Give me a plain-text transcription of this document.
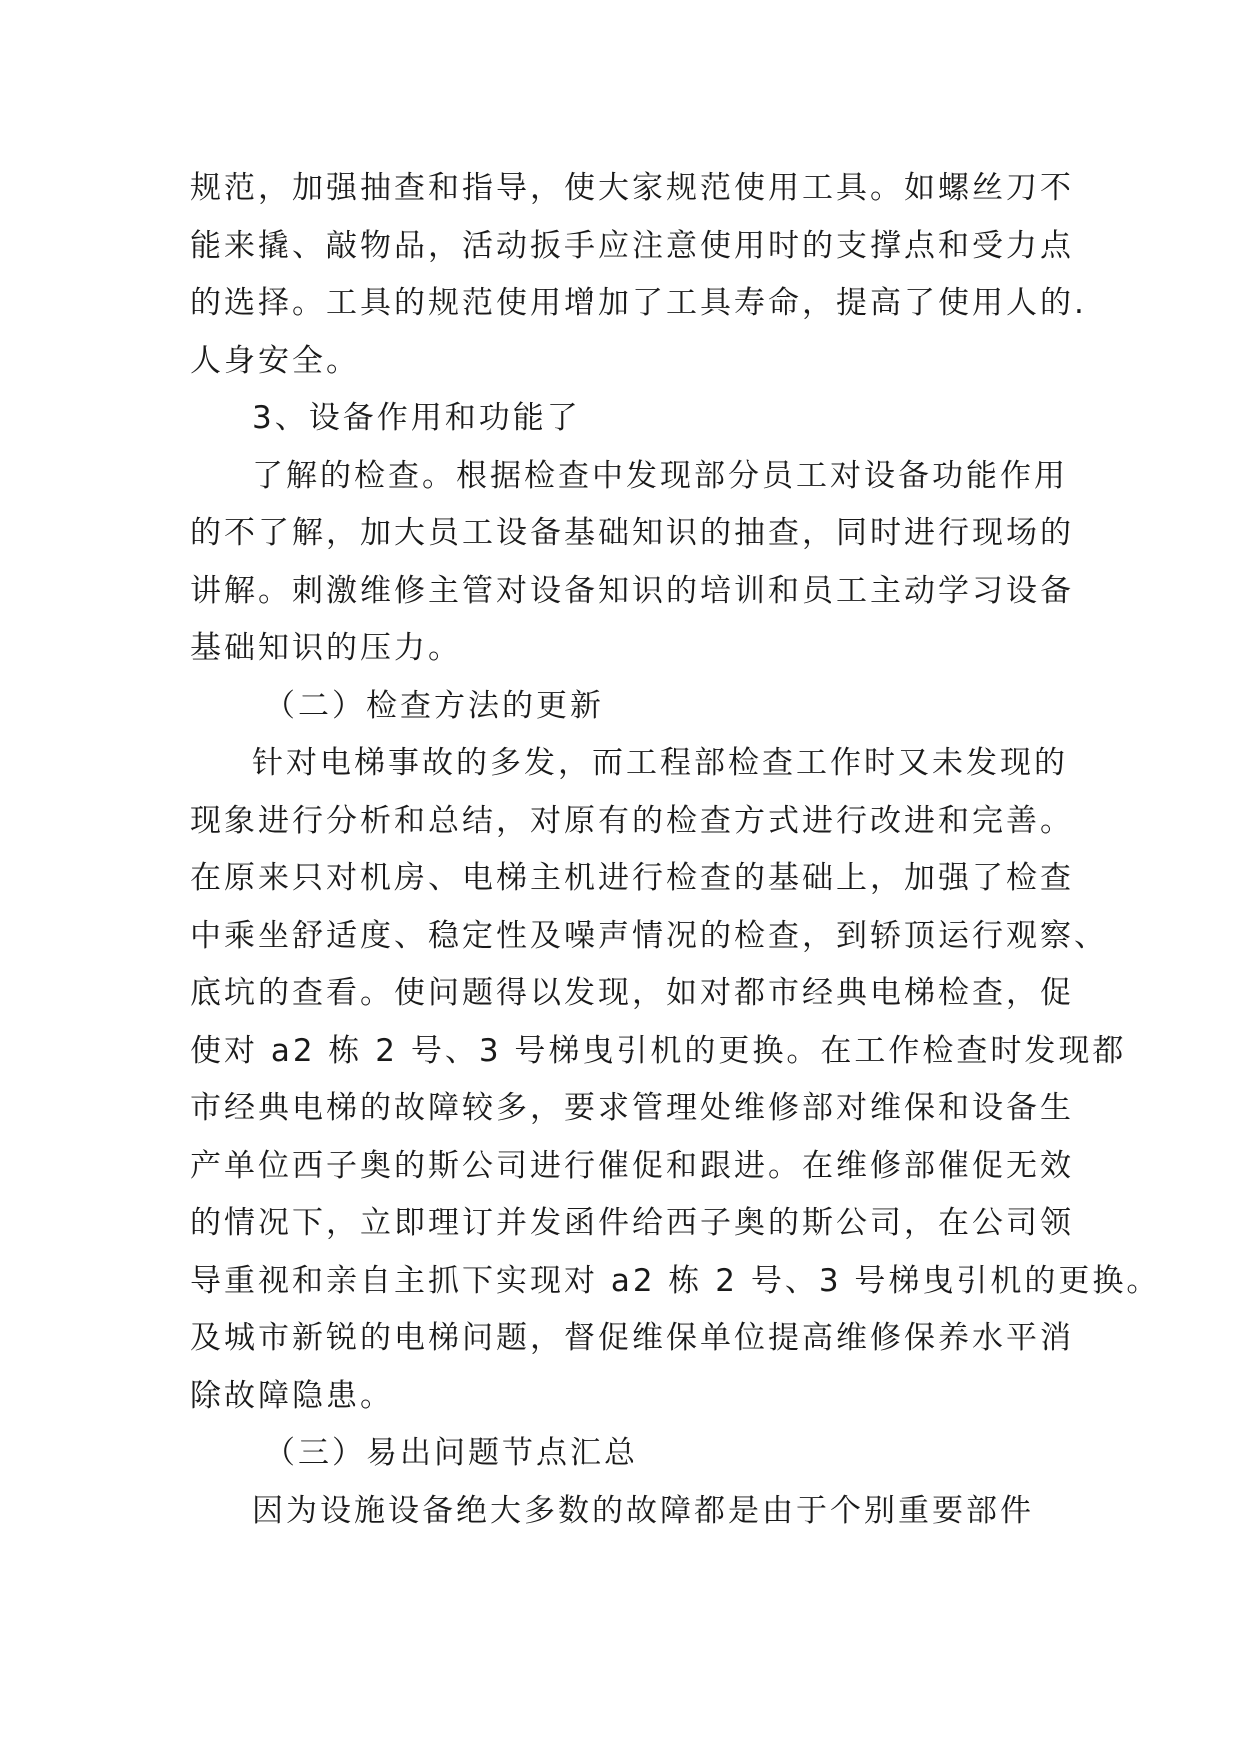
规范，加强抽查和指导，使大家规范使用工具。如螺丝刀不
能来撬、敲物品，活动扳手应注意使用时的支撑点和受力点
的选择。工具的规范使用增加了工具寿命，提高了使用人的.
人身安全。
3、设备作用和功能了
了解的检查。根据检查中发现部分员工对设备功能作用
的不了解，加大员工设备基础知识的抽查，同时进行现场的
讲解。刺激维修主管对设备知识的培训和员工主动学习设备
基础知识的压力。
（二）检查方法的更新
针对电梯事故的多发，而工程部检查工作时又未发现的
现象进行分析和总结，对原有的检查方式进行改进和完善。
在原来只对机房、电梯主机进行检查的基础上，加强了检查
中乘坐舒适度、稳定性及噪声情况的检查，到轿顶运行观察、
底坑的查看。使问题得以发现，如对都市经典电梯检查，促
使对 a2 栋 2 号、3 号梯曳引机的更换。在工作检查时发现都
市经典电梯的故障较多，要求管理处维修部对维保和设备生
产单位西子奥的斯公司进行催促和跟进。在维修部催促无效
的情况下，立即理订并发函件给西子奥的斯公司，在公司领
导重视和亲自主抓下实现对 a2 栋 2 号、3 号梯曳引机的更换。
及城市新锐的电梯问题，督促维保单位提高维修保养水平消
除故障隐患。
（三）易出问题节点汇总
因为设施设备绝大多数的故障都是由于个别重要部件
